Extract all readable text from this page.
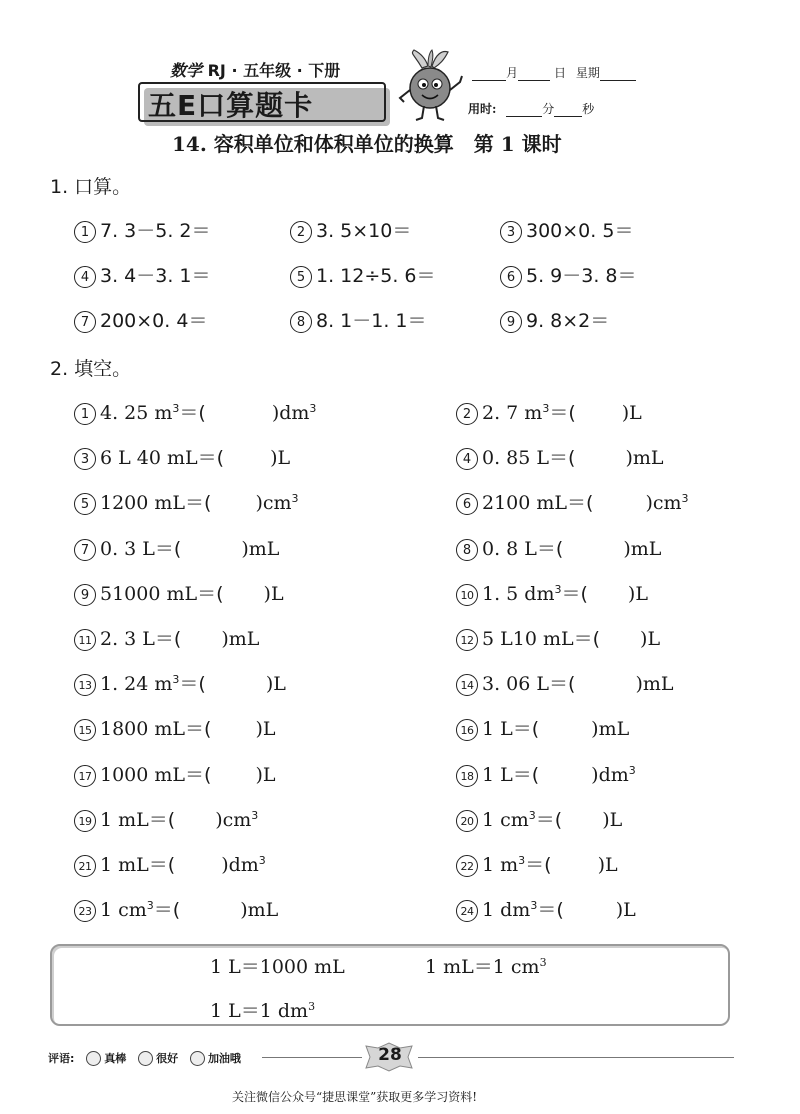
数学 RJ · 五年级 · 下册
五E口算题卡
月	日 星期
用时:	分 秒
14. 容积单位和体积单位的换算　第 1 课时
1. 口算。
1 7. 3－5. 2＝	2 3. 5×10＝	3 300×0. 5＝
4 3. 4－3. 1＝	5 1. 12÷5. 6＝	6 5. 9－3. 8＝
7 200×0. 4＝	8 8. 1－1. 1＝	9 9. 8×2＝
2. 填空。
1 4. 25 $m^3=$(	)$dm^3$	2 2. 7 $m^3=$( )L
3 6 L 40 mL＝( )L	4 0. 85 L＝(	)mL
5 1200 mL＝( )$cm^3$	6 2100 mL＝(	)$cm^3$
7 0. 3 L＝(	)mL	8 0. 8 L＝(	)mL
9 51000 mL＝( )L	10 1. 5 $dm^3=$( )L
11 2. 3 L＝( )mL	12 5 L10 mL＝( )L
13 1. 24 $m^3=$(	)L	14 3. 06 L＝(	)mL
15 1800 mL＝( )L	16 1 L＝(	)mL
17 1000 mL＝( )L	18 1 L＝(	)$dm^3$
19 1 mL＝( )$cm^3$	20 1 $cm^3=$( )L
21 1 mL＝( )$dm^3$	22 1 $m^3=$( )L
23 1 $cm^3=$(	)mL	24 1 $dm^3=$(	)L
1 L＝1000 mL	1 mL＝1 $cm^3$
1 L＝1 $dm^3$
评语:	真棒	很好	加油哦	28
关注微信公众号“捷思课堂”获取更多学习资料!
